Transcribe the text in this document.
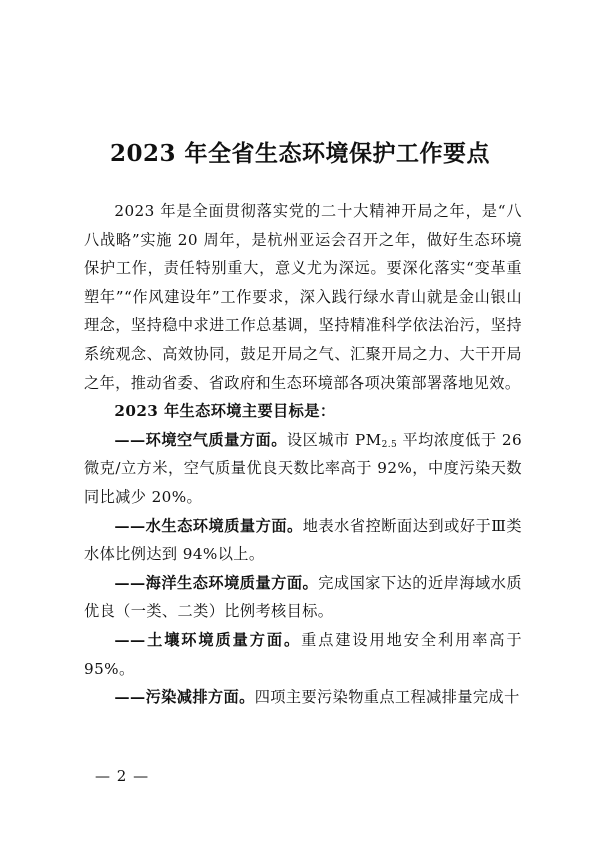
2023 年全省生态环境保护工作要点

2023 年是全面贯彻落实党的二十大精神开局之年，是“八八战略”实施 20 周年，是杭州亚运会召开之年，做好生态环境保护工作，责任特别重大，意义尤为深远。要深化落实“变革重塑年”“作风建设年”工作要求，深入践行绿水青山就是金山银山理念，坚持稳中求进工作总基调，坚持精准科学依法治污，坚持系统观念、高效协同，鼓足开局之气、汇聚开局之力、大干开局之年，推动省委、省政府和生态环境部各项决策部署落地见效。

2023 年生态环境主要目标是：

——环境空气质量方面。设区城市 $PM_{2.5}$ 平均浓度低于 26 微克/立方米，空气质量优良天数比率高于 92%，中度污染天数同比减少 20%。

——水生态环境质量方面。地表水省控断面达到或好于Ⅲ类水体比例达到 94%以上。

——海洋生态环境质量方面。完成国家下达的近岸海域水质优良（一类、二类）比例考核目标。

——土壤环境质量方面。重点建设用地安全利用率高于 95%。

——污染减排方面。四项主要污染物重点工程减排量完成十

— 2 —
